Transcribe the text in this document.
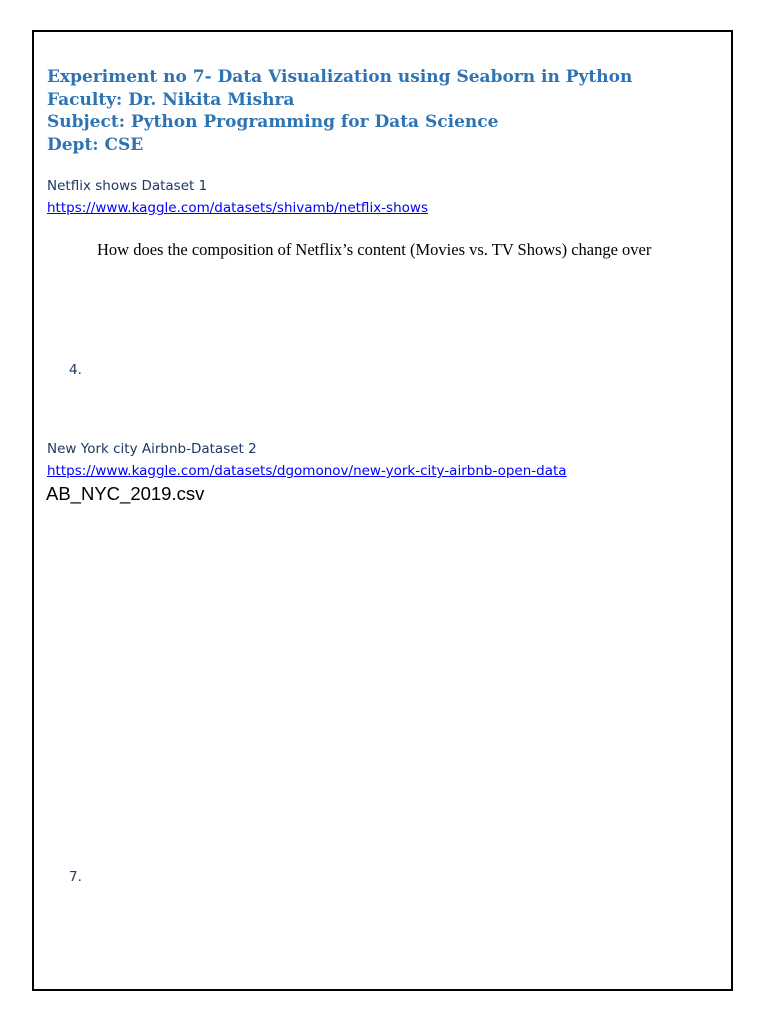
Experiment no 7- Data Visualization using Seaborn in Python
Faculty: Dr. Nikita Mishra
Subject: Python Programming for Data Science
Dept: CSE
Netflix shows Dataset 1
https://www.kaggle.com/datasets/shivamb/netflix-shows
How does the composition of Netflix’s content (Movies vs. TV Shows) change over
4.
New York city Airbnb-Dataset 2
https://www.kaggle.com/datasets/dgomonov/new-york-city-airbnb-open-data
AB_NYC_2019.csv
7.
